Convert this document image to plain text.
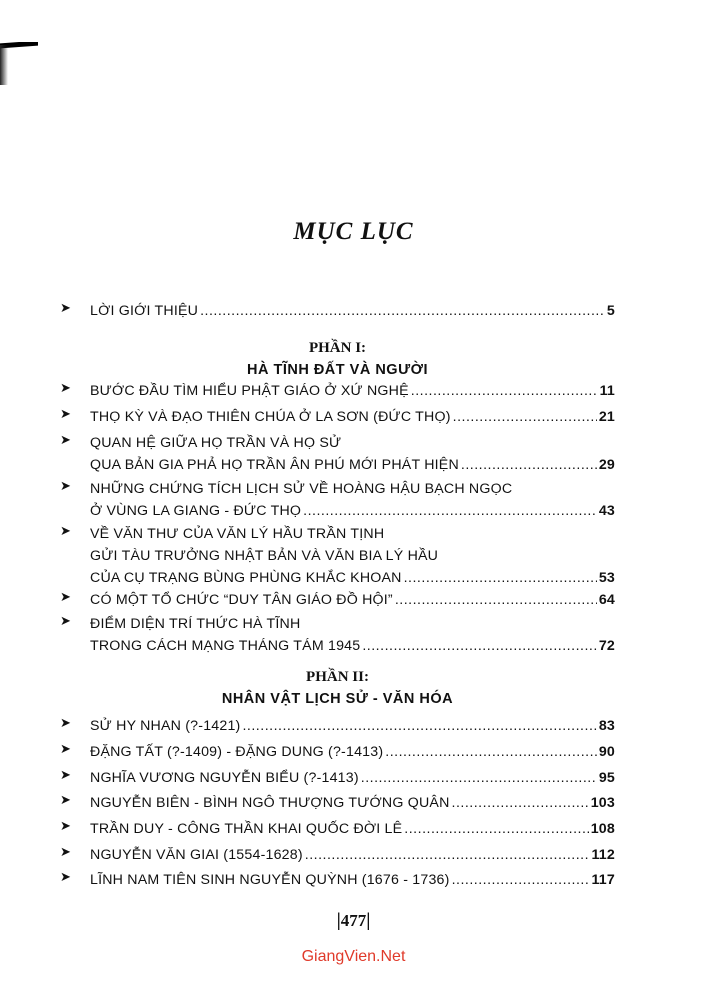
MỤC LỤC
➤ LỜI GIỚI THIỆU .....	5
PHẦN I:
HÀ TĨNH ĐẤT VÀ NGƯỜI
➤ BƯỚC ĐẦU TÌM HIỂU PHẬT GIÁO Ở XỨ NGHỆ .....	11
➤ THỌ KỲ VÀ ĐẠO THIÊN CHÚA Ở LA SƠN (ĐỨC THỌ) .....	21
➤ QUAN HỆ GIỮA HỌ TRẦN VÀ HỌ SỬ
QUA BẢN GIA PHẢ HỌ TRẦN ÂN PHÚ MỚI PHÁT HIỆN .....	29
➤ NHỮNG CHỨNG TÍCH LỊCH SỬ VỀ HOÀNG HẬU BẠCH NGỌC
Ở VÙNG LA GIANG - ĐỨC THỌ .....	43
➤ VỀ VĂN THƯ CỦA VĂN LÝ HẦU TRẦN TỊNH
GỬI TÀU TRƯỞNG NHẬT BẢN VÀ VĂN BIA LÝ HẦU
CỦA CỤ TRẠNG BÙNG PHÙNG KHẮC KHOAN .....	53
➤ CÓ MỘT TỔ CHỨC “DUY TÂN GIÁO ĐỒ HỘI” .....	64
➤ ĐIỂM DIỆN TRÍ THỨC HÀ TĨNH
TRONG CÁCH MẠNG THÁNG TÁM 1945 .....	72
PHẦN II:
NHÂN VẬT LỊCH SỬ - VĂN HÓA
➤ SỬ HY NHAN (?-1421) .....	83
➤ ĐẶNG TẤT (?-1409) - ĐẶNG DUNG (?-1413) .....	90
➤ NGHĨA VƯƠNG NGUYỄN BIỂU (?-1413) .....	95
➤ NGUYỄN BIÊN - BÌNH NGÔ THƯỢNG TƯỚNG QUÂN .....	103
➤ TRẦN DUY - CÔNG THẦN KHAI QUỐC ĐỜI LÊ .....	108
➤ NGUYỄN VĂN GIAI (1554-1628) .....	112
➤ LĨNH NAM TIÊN SINH NGUYỄN QUỲNH (1676 - 1736) .....	117
|477|
GiangVien.Net
